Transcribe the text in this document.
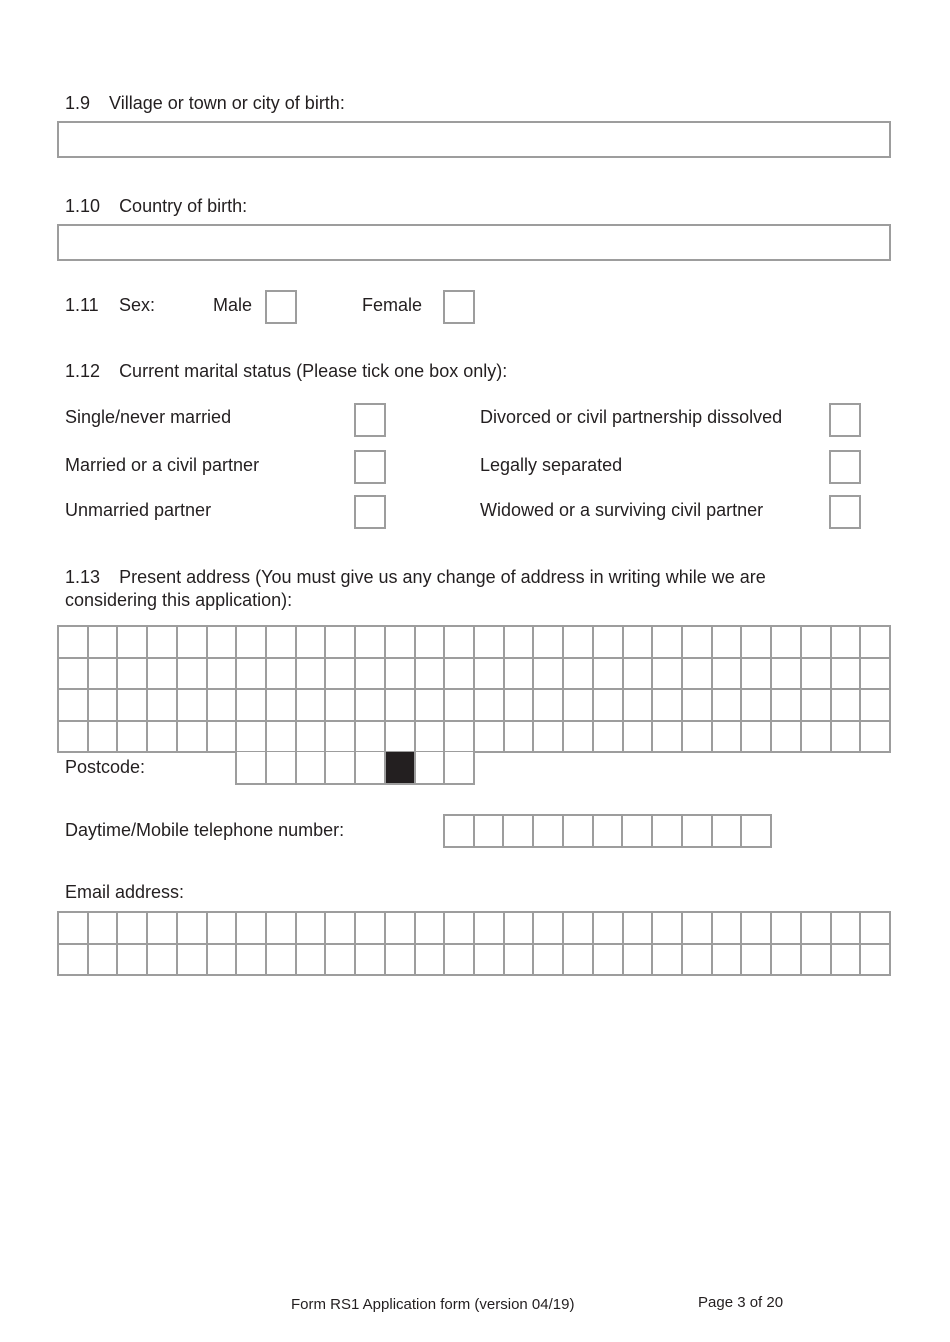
1.9 Village or town or city of birth:
1.10 Country of birth:
1.11 Sex:	Male	Female
1.12 Current marital status (Please tick one box only):
Single/never married	Divorced or civil partnership dissolved
Married or a civil partner	Legally separated
Unmarried partner	Widowed or a surviving civil partner
1.13 Present address (You must give us any change of address in writing while we are
considering this application):
Postcode:
Daytime/Mobile telephone number:
Email address:
Form RS1 Application form (version 04/19)	Page 3 of 20
